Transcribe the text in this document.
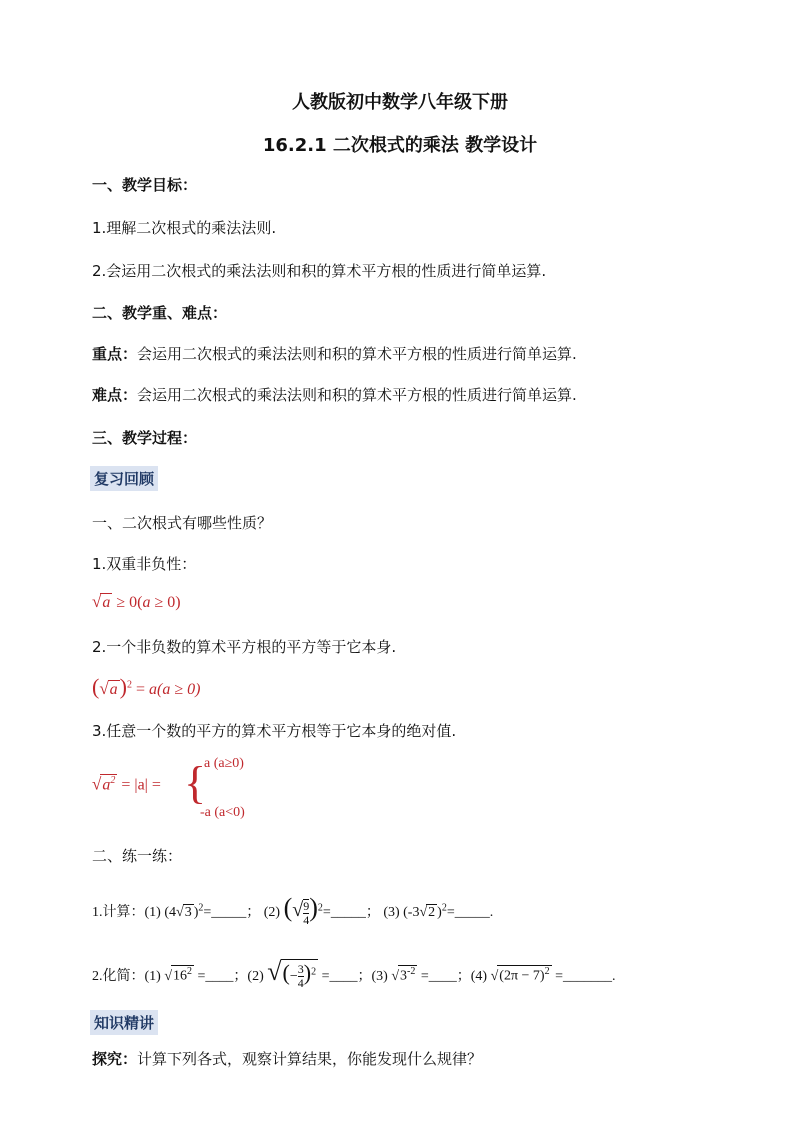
人教版初中数学八年级下册
16.2.1 二次根式的乘法 教学设计
一、教学目标：
1.理解二次根式的乘法法则.
2.会运用二次根式的乘法法则和积的算术平方根的性质进行简单运算.
二、教学重、难点：
重点：会运用二次根式的乘法法则和积的算术平方根的性质进行简单运算.
难点：会运用二次根式的乘法法则和积的算术平方根的性质进行简单运算.
三、教学过程：
复习回顾
一、二次根式有哪些性质？
1.双重非负性：
√a ≥ 0(a ≥ 0)
2.一个非负数的算术平方根的平方等于它本身.
$(√a)^2 = a(a \ge 0)$
3.任意一个数的平方的算术平方根等于它本身的绝对值.
$√a^2 = |a|$ = {
a (a≥0)
-a (a<0)
二、练一练：
1.计算：(1) (4√3 )$^2$=_____； (2) (√ $\frac{9}{4}$ )$^2$=_____； (3) (-3√2 )$^2$=_____.
2.化简：(1) $√16^2$ =____；(2) √(− $\frac{3}{4} )^2$ =____；(3) $√3^{-2}$ =____；(4) $√(2\pi - 7)^2$ =_______.
知识精讲
探究：计算下列各式，观察计算结果，你能发现什么规律？
